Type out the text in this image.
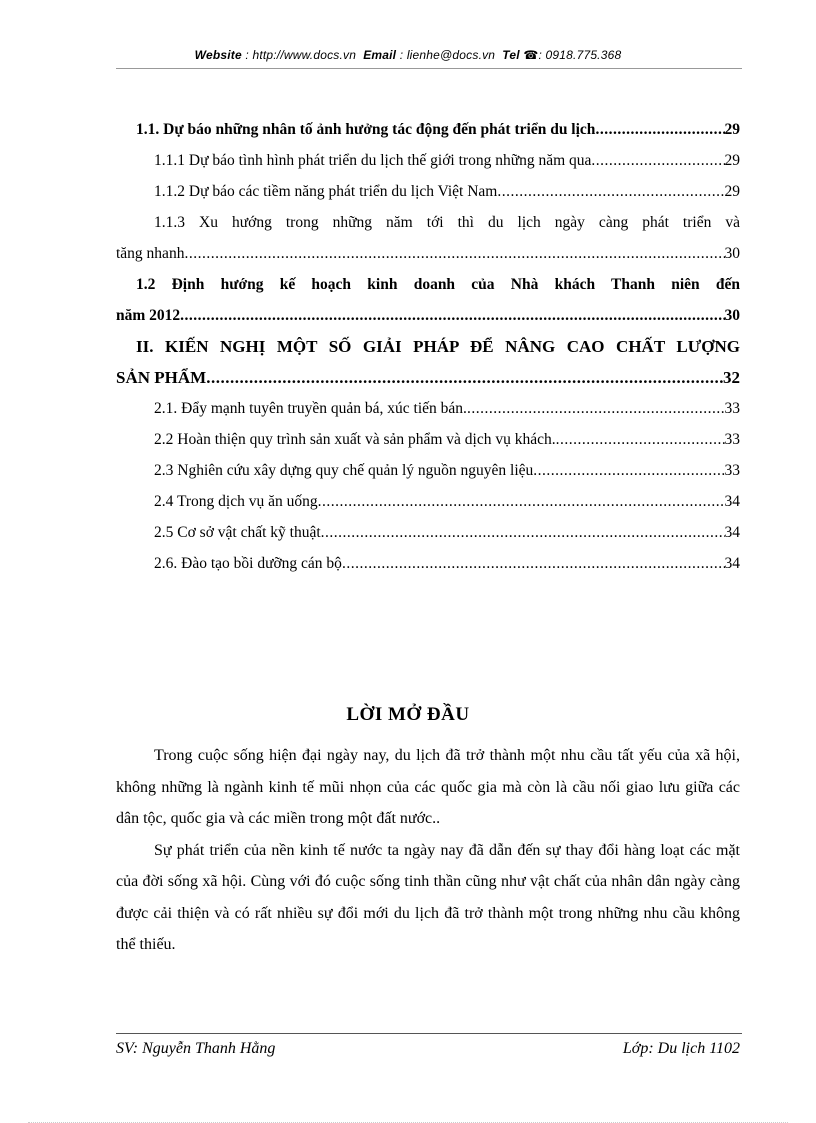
Website : http://www.docs.vn Email : lienhe@docs.vn Tel ☎: 0918.775.368
1.1. Dự báo những nhân tố ảnh hưởng tác động đến phát triển du lịch .....	29
1.1.1 Dự báo tình hình phát triển du lịch thế giới trong những năm qua .....	29
1.1.2 Dự báo các tiềm năng phát triển du lịch Việt Nam .....	29
1.1.3 Xu hướng trong những năm tới thì du lịch ngày càng phát triển và
tăng nhanh .....	30
1.2 Định hướng kế hoạch kinh doanh của Nhà khách Thanh niên đến
năm 2012 .....	30
II. KIẾN NGHỊ MỘT SỐ GIẢI PHÁP ĐỂ NÂNG CAO CHẤT LƯỢNG
SẢN PHẨM .....	32
2.1. Đẩy mạnh tuyên truyền quản bá, xúc tiến bán. .....	33
2.2 Hoàn thiện quy trình sản xuất và sản phẩm và dịch vụ khách. .....	33
2.3 Nghiên cứu xây dựng quy chế quản lý nguồn nguyên liệu .....	33
2.4 Trong dịch vụ ăn uống .....	34
2.5 Cơ sở vật chất kỹ thuật .....	34
2.6. Đào tạo bồi dưỡng cán bộ .....	34
LỜI MỞ ĐẦU

Trong cuộc sống hiện đại ngày nay, du lịch đã trở thành một nhu cầu tất yếu của xã hội, không những là ngành kinh tế mũi nhọn của các quốc gia mà còn là cầu nối giao lưu giữa các dân tộc, quốc gia và các miền trong một đất nước..

Sự phát triển của nền kinh tế nước ta ngày nay đã dẫn đến sự thay đổi hàng loạt các mặt của đời sống xã hội. Cùng với đó cuộc sống tinh thần cũng như vật chất của nhân dân ngày càng được cải thiện và có rất nhiều sự đổi mới du lịch đã trở thành một trong những nhu cầu không thể thiếu.

SV: Nguyễn Thanh Hằng	Lớp: Du lịch 1102
